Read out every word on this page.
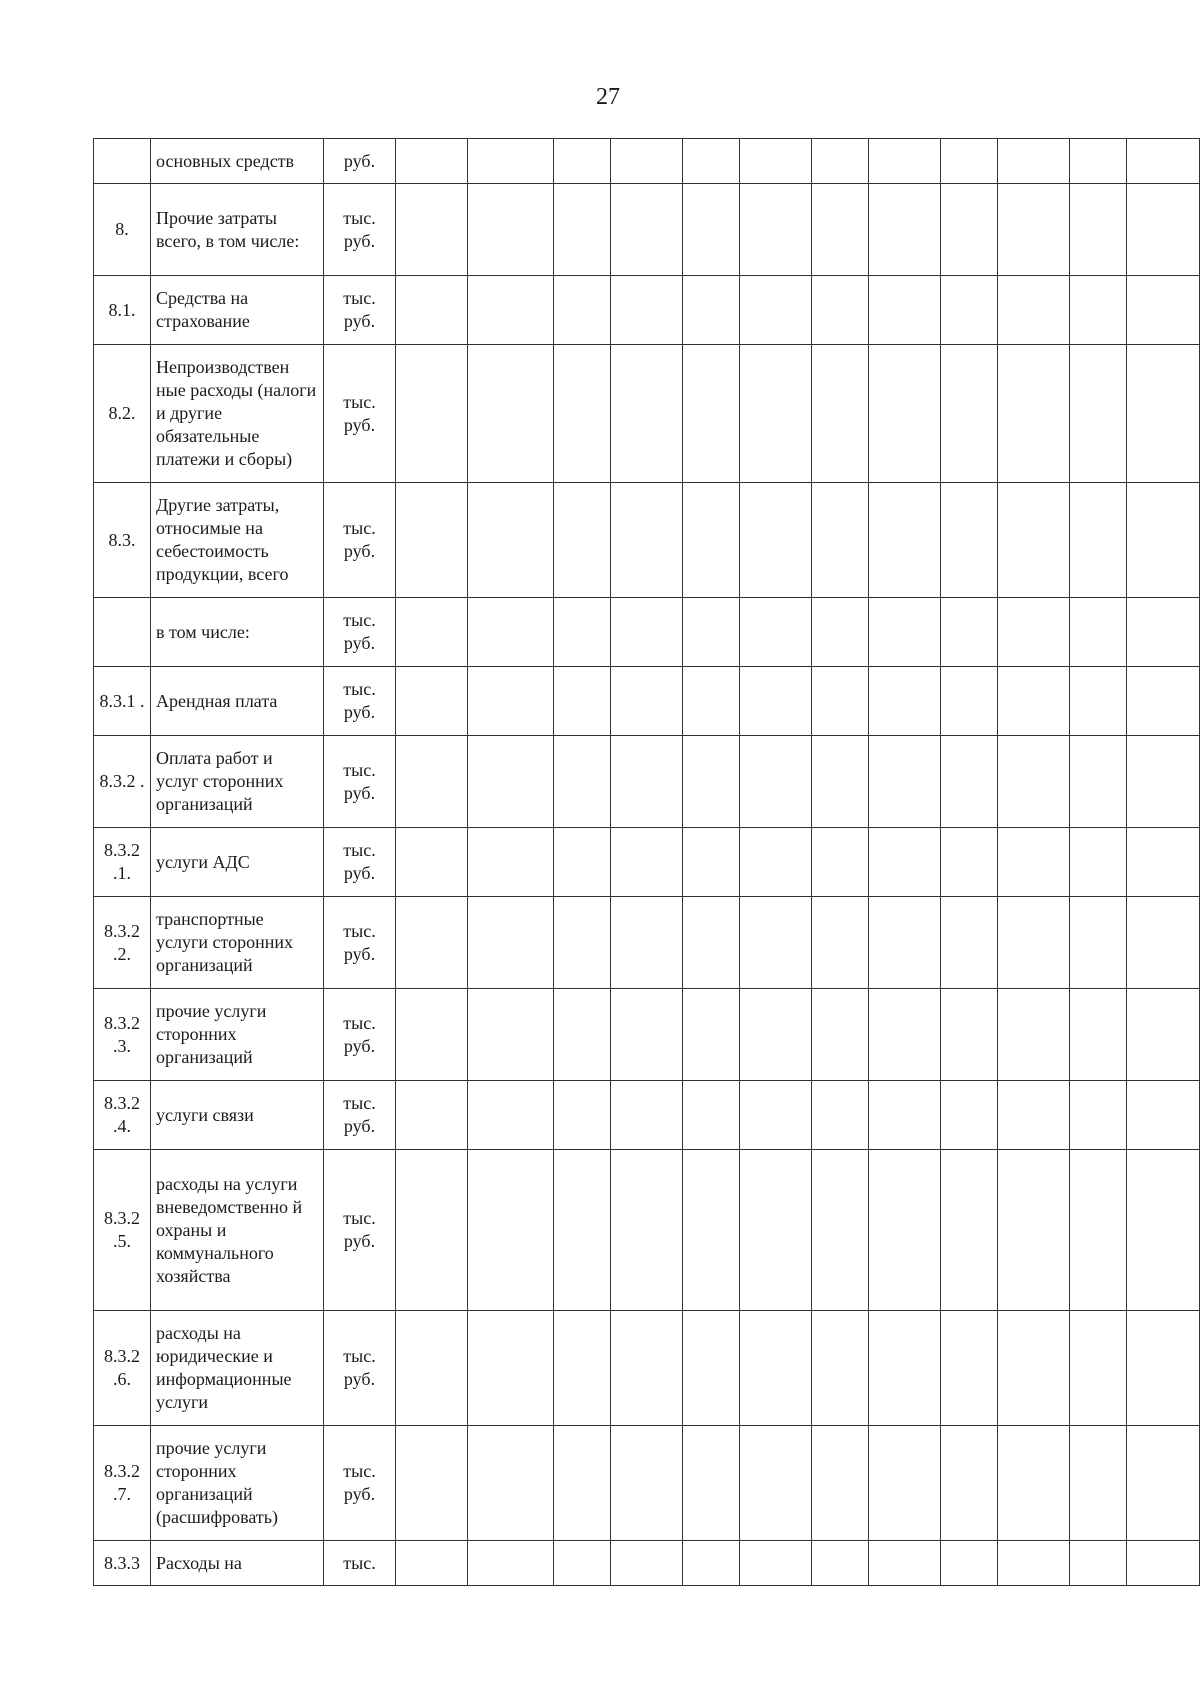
27
	основных средств	руб.												
8.	Прочие затраты всего, в том числе:	тыс. руб.												
8.1.	Средства на страхование	тыс. руб.												
8.2.	Непроизводствен ные расходы (налоги и другие обязательные платежи и сборы)	тыс. руб.												
8.3.	Другие затраты, относимые на себестоимость продукции, всего	тыс. руб.												
	в том числе:	тыс. руб.												
8.3.1 .	Арендная плата	тыс. руб.												
8.3.2 .	Оплата работ и услуг сторонних организаций	тыс. руб.												
8.3.2 .1.	услуги АДС	тыс. руб.												
8.3.2 .2.	транспортные услуги сторонних организаций	тыс. руб.												
8.3.2 .3.	прочие услуги сторонних организаций	тыс. руб.												
8.3.2 .4.	услуги связи	тыс. руб.												
8.3.2 .5.	расходы на услуги вневедомственно й охраны и коммунального хозяйства	тыс. руб.												
8.3.2 .6.	расходы на юридические и информационные услуги	тыс. руб.												
8.3.2 .7.	прочие услуги сторонних организаций (расшифровать)	тыс. руб.												
8.3.3	Расходы на	тыс.												
